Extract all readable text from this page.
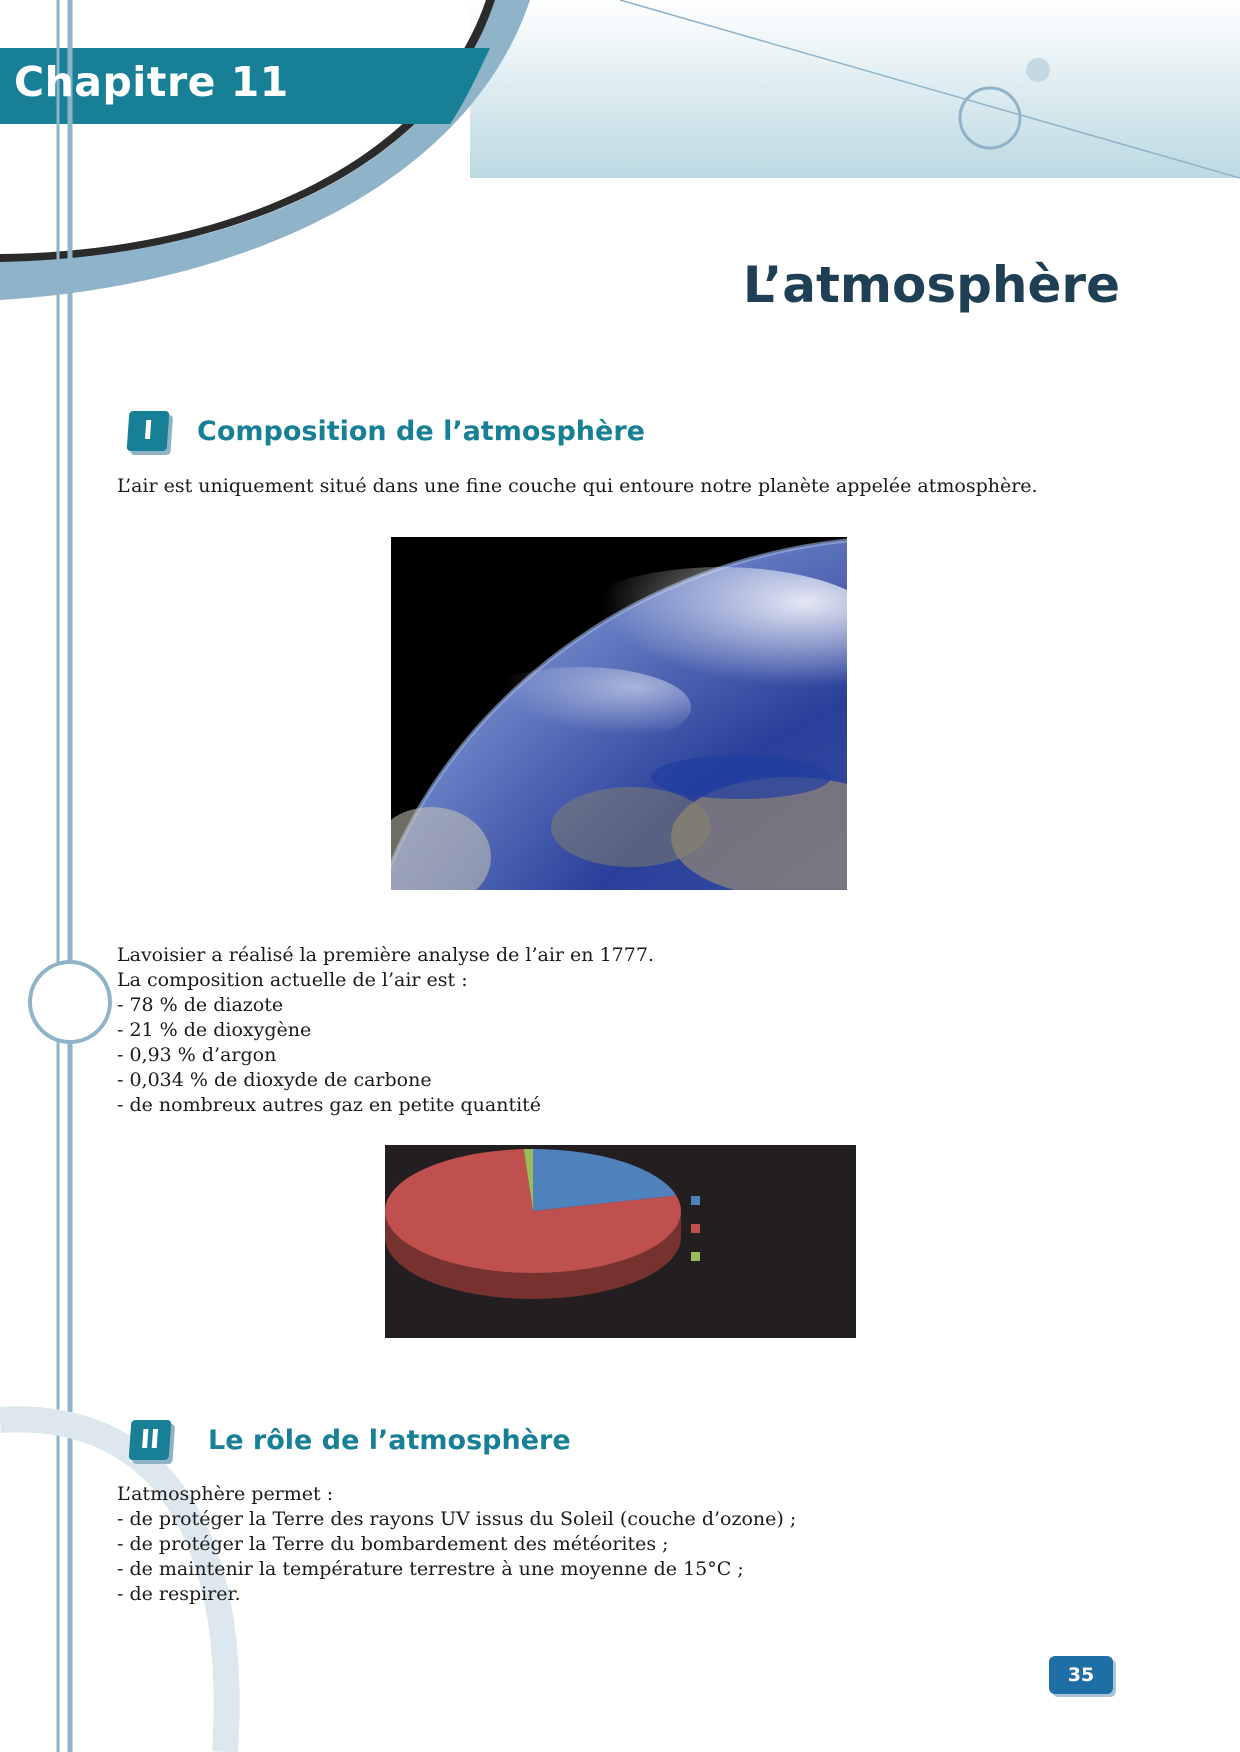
Chapitre 11
L’atmosphère
I	Composition de l’atmosphère
L’air est uniquement situé dans une fine couche qui entoure notre planète appelée atmosphère.
Lavoisier a réalisé la première analyse de l’air en 1777.
La composition actuelle de l’air est :
- 78 % de diazote
- 21 % de dioxygène
- 0,93 % d’argon
- 0,034 % de dioxyde de carbone
- de nombreux autres gaz en petite quantité
II	Le rôle de l’atmosphère
L’atmosphère permet :
- de protéger la Terre des rayons UV issus du Soleil (couche d’ozone) ;
- de protéger la Terre du bombardement des météorites ;
- de maintenir la température terrestre à une moyenne de 15°C ;
- de respirer.
35
